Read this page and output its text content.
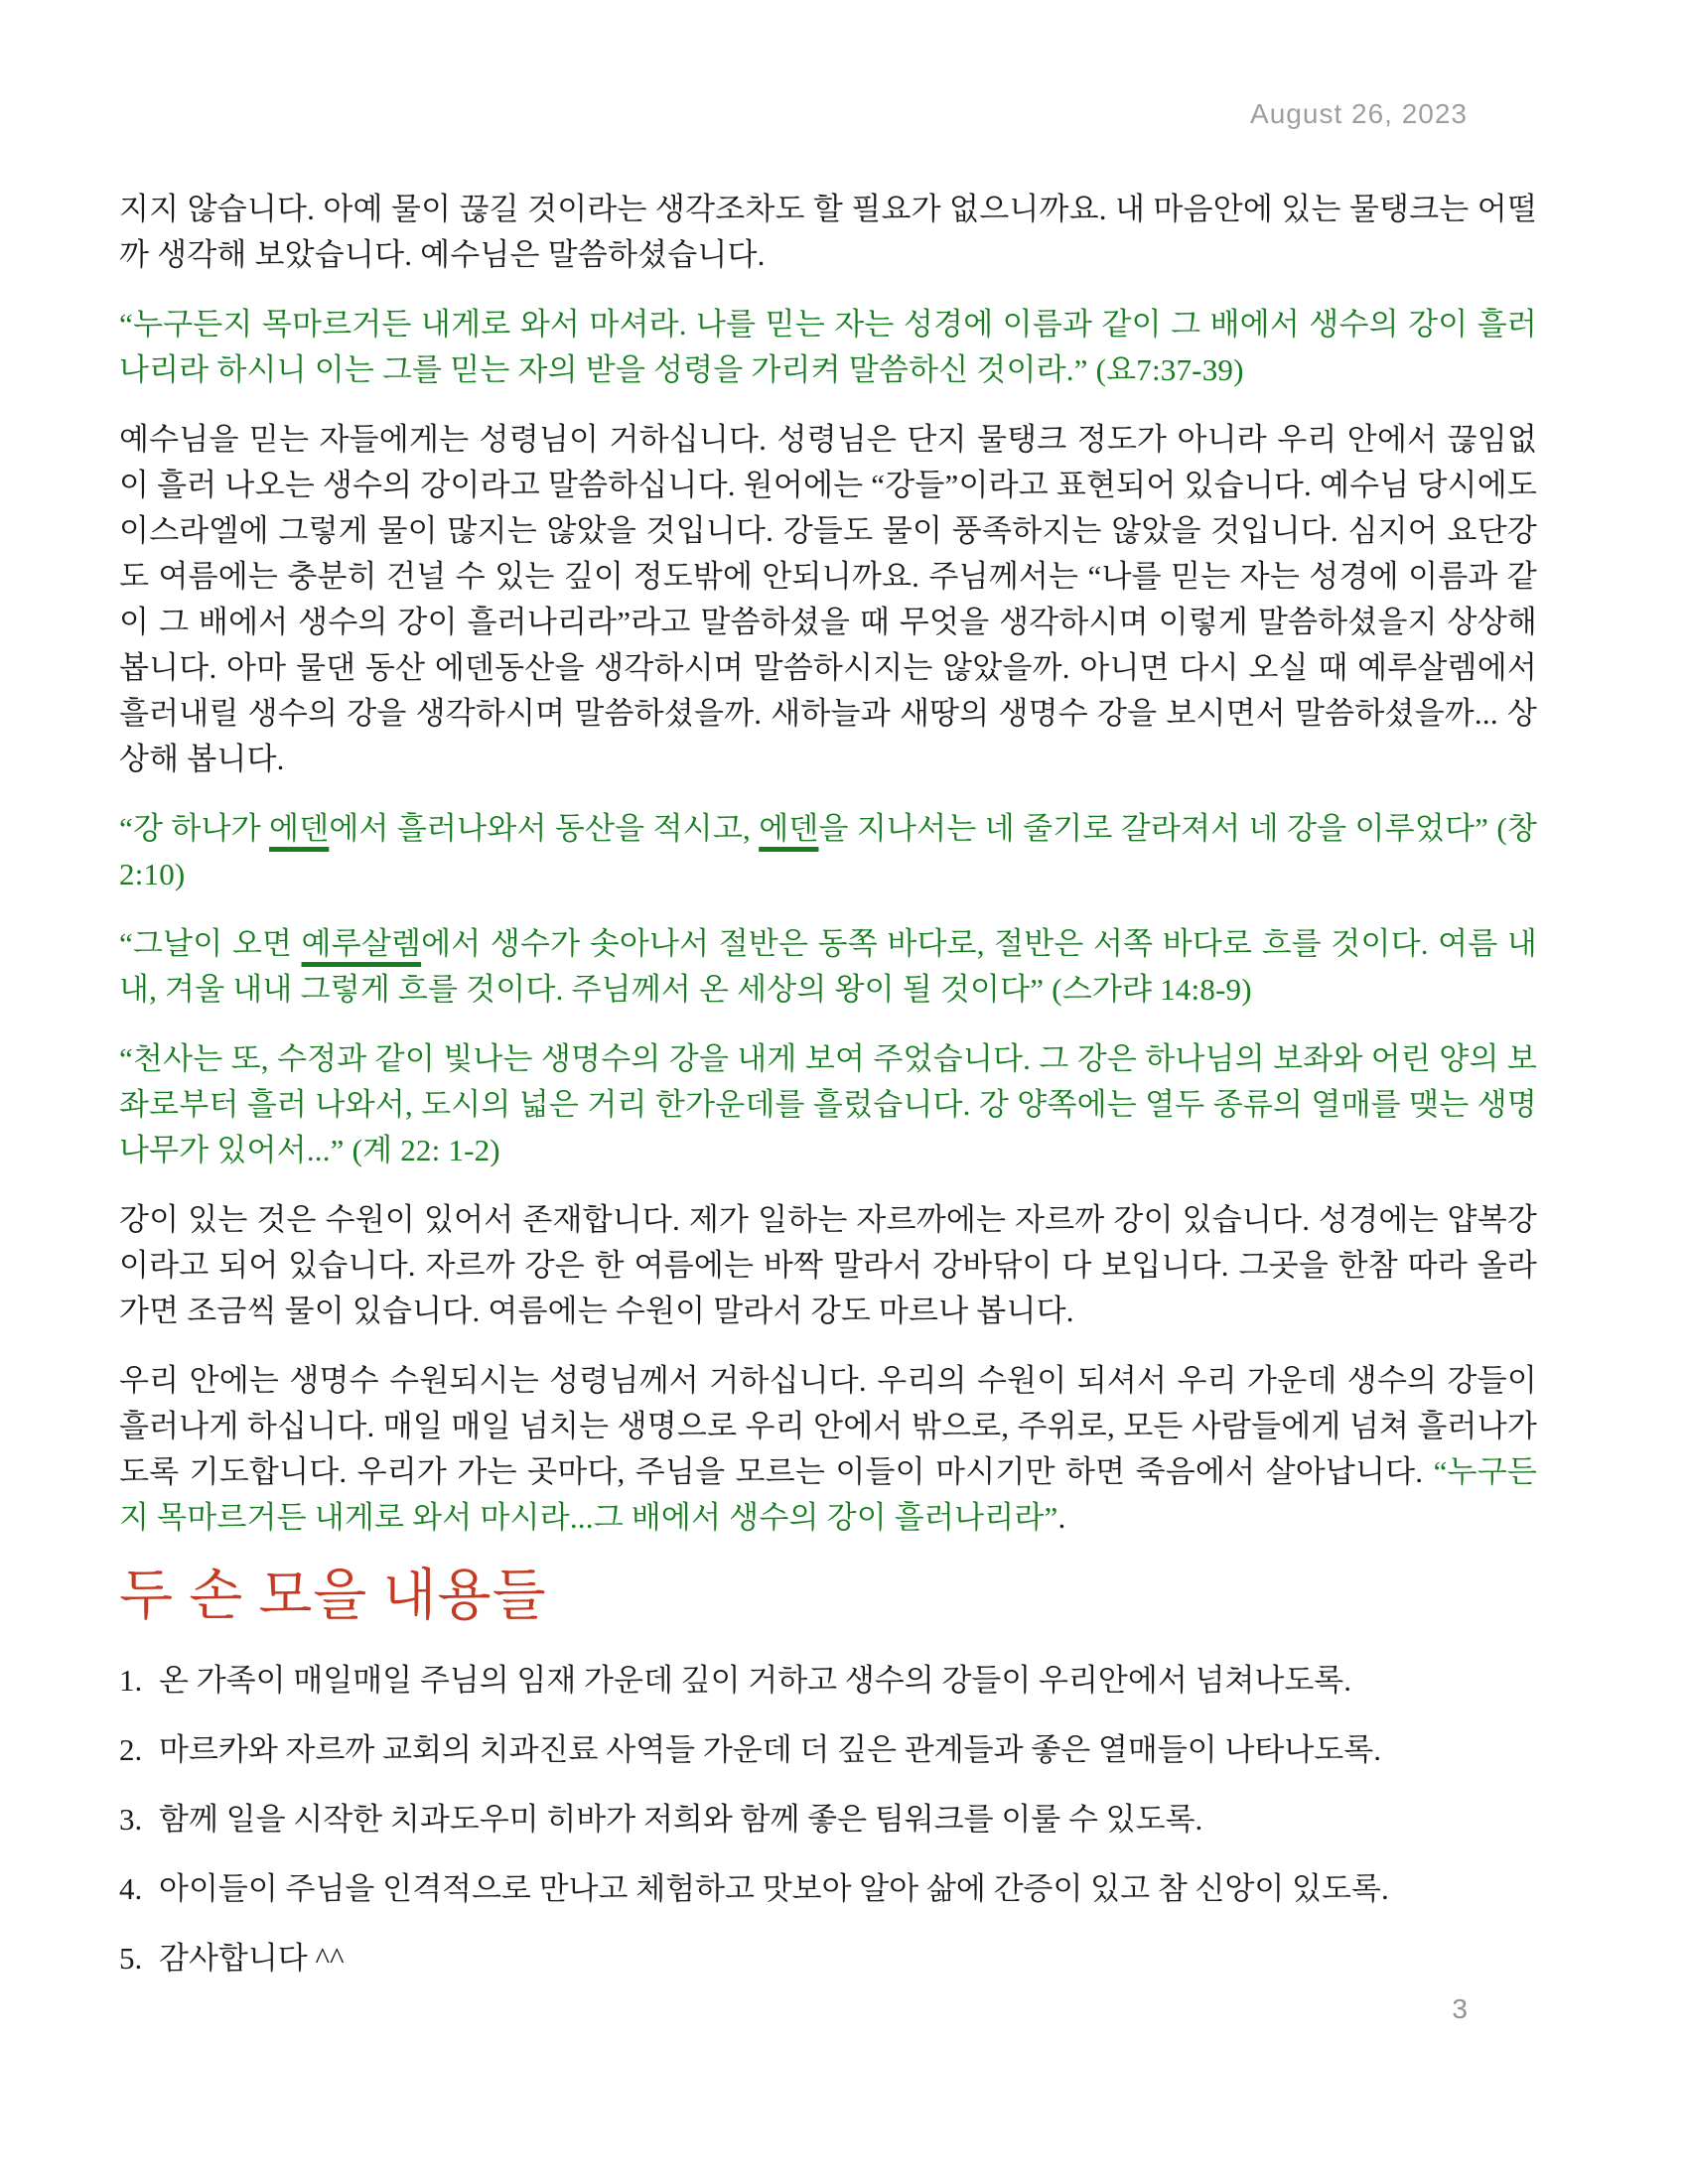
August 26, 2023

지지 않습니다. 아예 물이 끊길 것이라는 생각조차도 할 필요가 없으니까요. 내 마음안에 있는 물탱크는 어떨까 생각해 보았습니다. 예수님은 말씀하셨습니다.

“누구든지 목마르거든 내게로 와서 마셔라. 나를 믿는 자는 성경에 이름과 같이 그 배에서 생수의 강이 흘러나리라 하시니 이는 그를 믿는 자의 받을 성령을 가리켜 말씀하신 것이라.” (요7:37-39)

예수님을 믿는 자들에게는 성령님이 거하십니다. 성령님은 단지 물탱크 정도가 아니라 우리 안에서 끊임없이 흘러 나오는 생수의 강이라고 말씀하십니다. 원어에는 “강들”이라고 표현되어 있습니다. 예수님 당시에도 이스라엘에 그렇게 물이 많지는 않았을 것입니다. 강들도 물이 풍족하지는 않았을 것입니다. 심지어 요단강도 여름에는 충분히 건널 수 있는 깊이 정도밖에 안되니까요. 주님께서는 “나를 믿는 자는 성경에 이름과 같이 그 배에서 생수의 강이 흘러나리라”라고 말씀하셨을 때 무엇을 생각하시며 이렇게 말씀하셨을지 상상해 봅니다. 아마 물댄 동산 에덴동산을 생각하시며 말씀하시지는 않았을까. 아니면 다시 오실 때 예루살렘에서 흘러내릴 생수의 강을 생각하시며 말씀하셨을까. 새하늘과 새땅의 생명수 강을 보시면서 말씀하셨을까... 상상해 봅니다.

“강 하나가 에덴에서 흘러나와서 동산을 적시고, 에덴을 지나서는 네 줄기로 갈라져서 네 강을 이루었다” (창2:10)

“그날이 오면 예루살렘에서 생수가 솟아나서 절반은 동쪽 바다로, 절반은 서쪽 바다로 흐를 것이다. 여름 내내, 겨울 내내 그렇게 흐를 것이다. 주님께서 온 세상의 왕이 될 것이다” (스가랴 14:8-9)

“천사는 또, 수정과 같이 빛나는 생명수의 강을 내게 보여 주었습니다. 그 강은 하나님의 보좌와 어린 양의 보좌로부터 흘러 나와서, 도시의 넓은 거리 한가운데를 흘렀습니다. 강 양쪽에는 열두 종류의 열매를 맺는 생명 나무가 있어서...” (계 22: 1-2)

강이 있는 것은 수원이 있어서 존재합니다. 제가 일하는 자르까에는 자르까 강이 있습니다. 성경에는 얍복강이라고 되어 있습니다. 자르까 강은 한 여름에는 바짝 말라서 강바닦이 다 보입니다. 그곳을 한참 따라 올라 가면 조금씩 물이 있습니다. 여름에는 수원이 말라서 강도 마르나 봅니다.

우리 안에는 생명수 수원되시는 성령님께서 거하십니다. 우리의 수원이 되셔서 우리 가운데 생수의 강들이 흘러나게 하십니다. 매일 매일 넘치는 생명으로 우리 안에서 밖으로, 주위로, 모든 사람들에게 넘쳐 흘러나가도록 기도합니다. 우리가 가는 곳마다, 주님을 모르는 이들이 마시기만 하면 죽음에서 살아납니다. “누구든지 목마르거든 내게로 와서 마시라...그 배에서 생수의 강이 흘러나리라”.

두 손 모을 내용들
1. 온 가족이 매일매일 주님의 임재 가운데 깊이 거하고 생수의 강들이 우리안에서 넘쳐나도록.
2. 마르카와 자르까 교회의 치과진료 사역들 가운데 더 깊은 관계들과 좋은 열매들이 나타나도록.
3. 함께 일을 시작한 치과도우미 히바가 저희와 함께 좋은 팀워크를 이룰 수 있도록.
4. 아이들이 주님을 인격적으로 만나고 체험하고 맛보아 알아 삶에 간증이 있고 참 신앙이 있도록.
5. 감사합니다 ^^
3
